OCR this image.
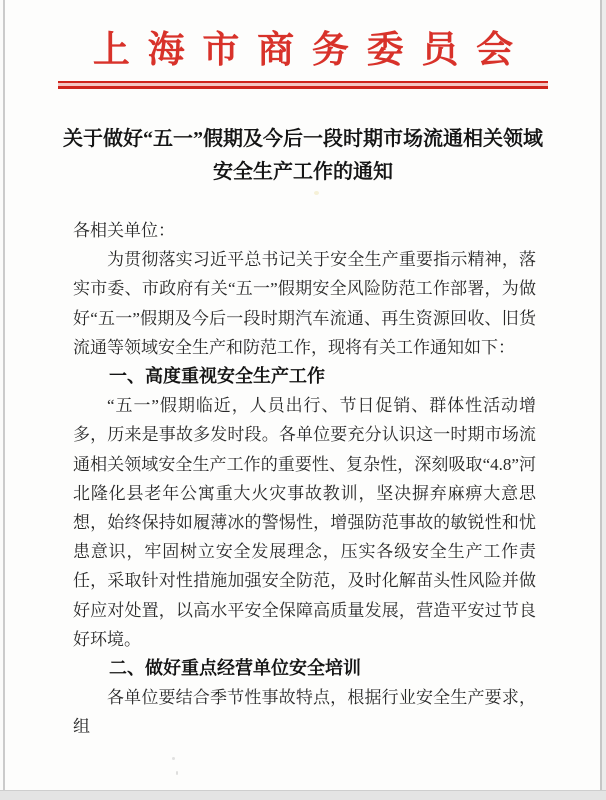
上海市商务委员会
关于做好“五一”假期及今后一段时期市场流通相关领域
安全生产工作的通知

各相关单位：

为贯彻落实习近平总书记关于安全生产重要指示精神，落实市委、市政府有关“五一”假期安全风险防范工作部署，为做好“五一”假期及今后一段时期汽车流通、再生资源回收、旧货流通等领域安全生产和防范工作，现将有关工作通知如下：

一、高度重视安全生产工作

“五一”假期临近，人员出行、节日促销、群体性活动增多，历来是事故多发时段。各单位要充分认识这一时期市场流通相关领域安全生产工作的重要性、复杂性，深刻吸取“4.8”河北隆化县老年公寓重大火灾事故教训，坚决摒弃麻痹大意思想，始终保持如履薄冰的警惕性，增强防范事故的敏锐性和忧患意识，牢固树立安全发展理念，压实各级安全生产工作责任，采取针对性措施加强安全防范，及时化解苗头性风险并做好应对处置，以高水平安全保障高质量发展，营造平安过节良好环境。

二、做好重点经营单位安全培训

各单位要结合季节性事故特点，根据行业安全生产要求，组
